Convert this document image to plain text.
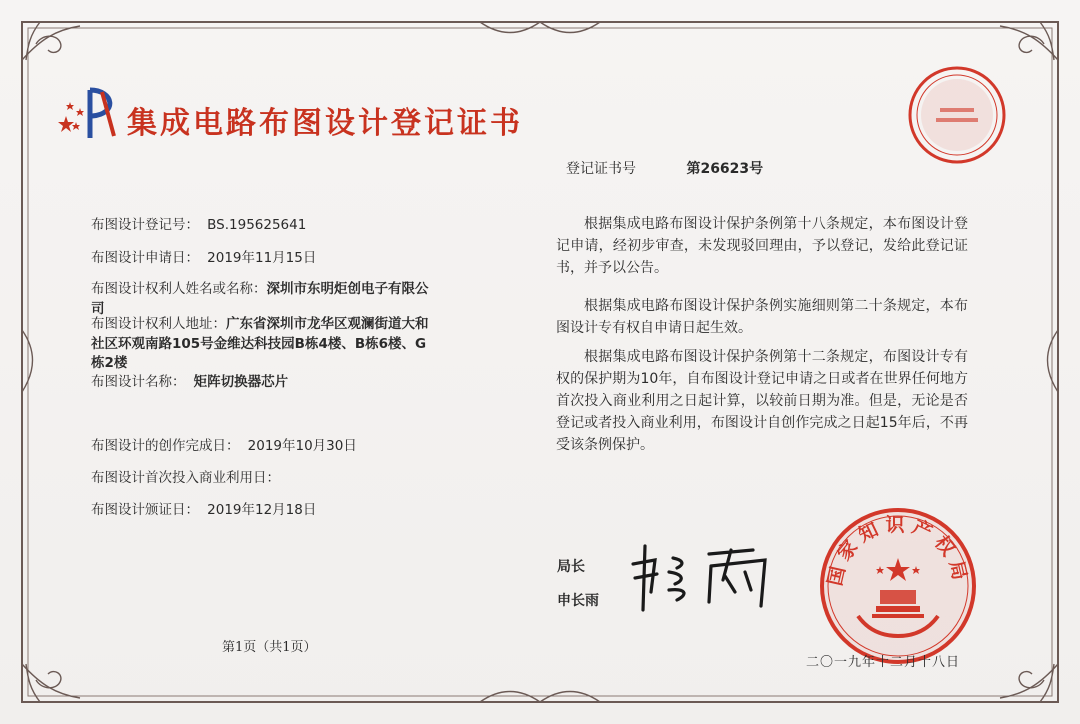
集成电路布图设计登记证书
登记证书号	第26623号
布图设计登记号： BS.195625641
布图设计申请日： 2019年11月15日
布图设计权利人姓名或名称：深圳市东明炬创电子有限公司
布图设计权利人地址：广东省深圳市龙华区观澜街道大和社区环观南路105号金维达科技园B栋4楼、B栋6楼、G栋2楼
布图设计名称： 矩阵切换器芯片
布图设计的创作完成日： 2019年10月30日
布图设计首次投入商业利用日：
布图设计颁证日： 2019年12月18日
根据集成电路布图设计保护条例第十八条规定，本布图设计登记申请，经初步审查，未发现驳回理由，予以登记，发给此登记证书，并予以公告。
根据集成电路布图设计保护条例实施细则第二十条规定，本布图设计专有权自申请日起生效。
根据集成电路布图设计保护条例第十二条规定，布图设计专有权的保护期为10年，自布图设计登记申请之日或者在世界任何地方首次投入商业利用之日起计算，以较前日期为准。但是，无论是否登记或者投入商业利用，布图设计自创作完成之日起15年后，不再受该条例保护。
局长
申长雨
第1页（共1页）
国家知识产权局
二〇一九年十二月十八日
